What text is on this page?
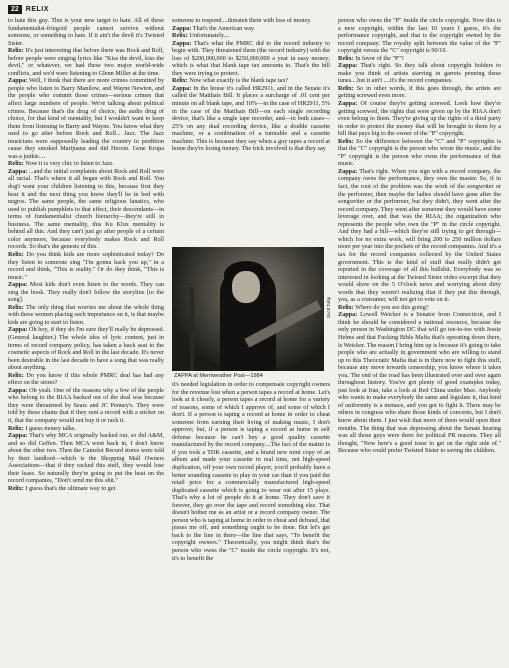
22	RELIX

to hate this guy. This is your new target to hate. All of these fundamentalist-fringoid people cannot survive without someone, or something to hate. If it ain't the devil it's Twisted Sister.

Relix: It's just interesting that before there was Rock and Roll, before people were singing lyrics like "Kiss the devil, kiss the devil," or whatever, we had these two major world-wide conflicts, and we'd were listening to Glenn Miller at the time.

Zappa: Well, I think that there are more crimes committed by people who listen to Barry Manilow, and Wayne Newton, and the people who commit those crimes—serious crimes that affect large numbers of people. We're talking about political crimes. Because that's the drug of choice, the audio drug of choice, for that kind of mentality, but I wouldn't want to keep them from listening to Barry and Wayne. You know what they used to go after before Rock and Roll... Jazz. The Jazz musicians were supposedly leading the country to perdition cause they smoked Marijuana and did Heroin. Gene Krupa was a junkie....

Relix: Now it is very chic to listen to Jazz.

Zappa: ...and the initial complaints about Rock and Roll were all racial. That's where it all began with Rock and Roll. You dog't want your children listening to this, because first they hear it and the next thing you know they'll be in bed with negros. The same people, the same religious fanatics, who used to publish pamphlets to that effect, their descendants—in terms of fundamentalist church hierarchy—they're still in business. The same mentality, this Ku Klux mentality is behind all this. And they can't just go after people of a certain color anymore, because everybody makes Rock and Roll records. So that's the genesis of this.

Relix: Do you think kids are more sophisticated today? Do they listen to someone sing "I'm gonna hack you up," in a record and think, "This is reality." Or do they think, "This is music."

Zappa: Most kids don't even listen to the words. They can sing the hook. They really don't follow the storyline [to the song].

Relix: The only thing that worries me about the whole thing with these women placing such importance on it, is that maybe kids are going to start to listen.

Zappa: Oh boy, if they do I'm sure they'll really be depressed. (General laughter.) The whole idea of lyric content, just in terms of record company policy, has taken a back seat to the cosmetic aspects of Rock and Roll in the last decade. It's never been desirable in the last decade to have a song that was really about anything.

Relix: Do you know if this whole PMRC deal has had any effect on the stores?

Zappa: Oh yeah. One of the reasons why a few of the people who belong to the RIAA backed out of the deal was because they were threatened by Sears and JC Penney's. They were told by these chains that if they sent a record with a sticker on it, that the company would not buy it or rack it.

Relix: I guess money talks.

Zappa: That's why MCA originally backed out, so did A&M, and so did Geffen. Then MCA went back in, I don't know about the other two. Then the Camelot Record stores were told by their landlord—which is the Shopping Mall Owners Associations—that if they racked this stuff, they would lose their lease. So naturally they're going to put the heat on the record companies, "Don't send me this shit."

Relix: I guess that's the ultimate way to get

someone to respond....threaten them with loss of money.

Zappa: That's the American way.

Relix: Unfortunately....

Zappa: That's what the PMRC did to the record industry to begin with. They threatened them (the record industry) with the loss of $200,000,000 to $250,000,000 a year in easy money; which is what that blank tape tax amounts to. That's the bill they were trying to protect.

Relix: Now what exactly is the blank tape tax?

Zappa: In the house it's called HR2911, and in the Senate it's called the Matthais Bill. It places a surcharge of .01 cent per minute on all blank tape, and 10%—in the case of HR2911, 5% in the case of the Matthais Bill—on each single recording device, that's like a single tape recorder, and—in both cases—25% on any dual recording device, like a double cassette machine, or a combination of a turntable and a cassette machine. This is because they say when a guy tapes a record at home they're losing money. The trick involved is that they say

Scott Tobp
ZAPPA at Merriweather Post—1984

it's needed legislation in order to compensate copyright owners for the revenue lost when a person tapes a record at home. Let's look at it closely, a person tapes a record at home for a variety of reasons, some of which I approve of, and some of which I don't. If a person is taping a record at home in order to cheat someone from earning their living of making music, I don't approve; but, if a person is taping a record at home in self defense because he can't buy a good quality cassette manufactured by the record company....The fact of the matter is if you took a TDK cassette, and a brand new mint copy of an album and made your cassette in real time, not high-speed duplication, off your own record player, you'd probably have a better sounding cassette to play in your car than if you paid the retail price for a commercially manufactured high-speed duplicated cassette which is going to wear out after 15 plays. That's why a lot of people do it at home. They don't save it forever, they go over the tape and record something else. That doesn't bother me as an artist or a record company owner. The person who is taping at home in order to cheat and defraud, that pisses me off, and something ought to be done. But let's get back to the line in there—the line that says, "To benefit the copyright owners." Theoretically, you might think that's the person who owns the "C" inside the circle copyright. It's not, it's to benefit the

person who owns the "P" inside the circle copyright. Now this is a new copyright, within the last 10 years I guess, it's the performance copyright, and that is the copyright owned by the record company. The royalty split between the value of the "P" copyright versus the "C" copyright is 90/10.

Relix: In favor of the "P"?

Zappa: That's right. So they talk about copyright holders to make you think of artists starving in garrets penning these tunes....but it ain't ....it's the record companies.

Relix: So in other words, if this goes through, the artists are getting screwed even more.

Zappa: Of course they're getting screwed. Look how they're getting screwed, the rights that were given up by the RIAA don't even belong to them. They're giving up the rights of a third party in order to protect the money that will be brought to them by a bill that pays big to the owner of the "P" copyright.

Relix: So the difference between the "C" and "P" copyrights is that the "C" copyright is the person who wrote the music, and the "P" copyright is the person who owns the performance of that music.

Zappa: That's right. When you sign with a record company, the company owns the performance, they own the master. So, if in fact, the root of the problem was the work of the songwriter or the performer, then maybe the ladies should have gone after the songwriter or the performer, but they didn't, they went after the record company. They went after someone they would have some leverage over, and that was the RIAA; the organization who represents the people who own the "P" in the circle copyright. And they had a bill—which they're still trying to get through—which for no extra work, will bring 200 to 250 million dollars more per year into the pockets of the record companies. And it's a tax for the record companies collected by the United States government. This is the kind of stuff that really didn't get reported in the coverage of all this bullshit. Everybody was so interested in looking at the Twisted Sister video excerpt that they would show on the 5 O'clock news and worrying about dirty words that they weren't realizing that if they put this through, you, as a consumer, will not get to vote on it.

Relix: Where do you see this going?

Zappa: Lowell Weicker is a Senator from Connecticut, and I think he should be considered a national resource, because the only person in Washington DC that will go toe-to-toe with Jessie Helms and that Fucking Bible Mafia that's operating down there, is Weicker. The reason I bring him up is because it's going to take people who are actually in government who are willing to stand up to this Theocratic Mafia that is in there now to fight this stuff, because any move towards censorship, you know where it takes you. The end of the road has been illustrated over and over again throughout history. You've got plenty of good examples today, just look at Iran, take a look at Red China under Mao. Anybody who wants to make everybody the same and legislate it, that kind of uniformity is a menace, and you got to fight it. There may be others in congress who share those kinds of concerns, but I don't know about them. I just wish that more of them would open their mouths. The thing that was depressing about the Senate hearing was all those guys were there for political PR reasons. They all thought, "Now here's a good issue to get on the right side of." Because who could prefer Twisted Sister to saving the children.
